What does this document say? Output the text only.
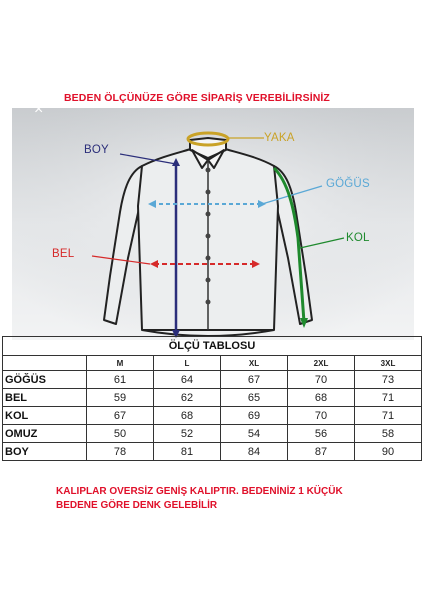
BEDEN ÖLÇÜNÜZE GÖRE SİPARİŞ VEREBİLİRSİNİZ
×
BOY
YAKA
GÖĞÜS
KOL
BEL
ÖLÇÜ TABLOSU					
	M	L	XL	2XL	3XL
GÖĞÜS	61	64	67	70	73
BEL	59	62	65	68	71
KOL	67	68	69	70	71
OMUZ	50	52	54	56	58
BOY	78	81	84	87	90
KALIPLAR OVERSİZ GENİŞ KALIPTIR. BEDENİNİZ 1 KÜÇÜK
BEDENE GÖRE DENK GELEBİLİR
